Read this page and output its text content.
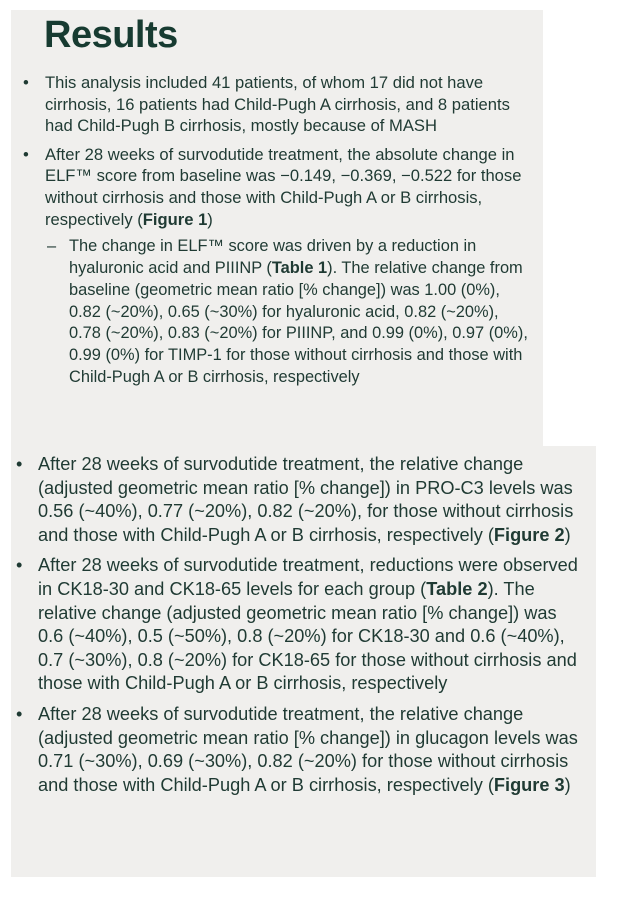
Results
• This analysis included 41 patients, of whom 17 did not have cirrhosis, 16 patients had Child-Pugh A cirrhosis, and 8 patients had Child-Pugh B cirrhosis, mostly because of MASH
• After 28 weeks of survodutide treatment, the absolute change in ELF™ score from baseline was −0.149, −0.369, −0.522 for those without cirrhosis and those with Child-Pugh A or B cirrhosis, respectively (Figure 1)
– The change in ELF™ score was driven by a reduction in hyaluronic acid and PIIINP (Table 1). The relative change from baseline (geometric mean ratio [% change]) was 1.00 (0%), 0.82 (~20%), 0.65 (~30%) for hyaluronic acid, 0.82 (~20%), 0.78 (~20%), 0.83 (~20%) for PIIINP, and 0.99 (0%), 0.97 (0%), 0.99 (0%) for TIMP-1 for those without cirrhosis and those with Child-Pugh A or B cirrhosis, respectively
• After 28 weeks of survodutide treatment, the relative change (adjusted geometric mean ratio [% change]) in PRO-C3 levels was 0.56 (~40%), 0.77 (~20%), 0.82 (~20%), for those without cirrhosis and those with Child-Pugh A or B cirrhosis, respectively (Figure 2)
• After 28 weeks of survodutide treatment, reductions were observed in CK18-30 and CK18-65 levels for each group (Table 2). The relative change (adjusted geometric mean ratio [% change]) was 0.6 (~40%), 0.5 (~50%), 0.8 (~20%) for CK18-30 and 0.6 (~40%), 0.7 (~30%), 0.8 (~20%) for CK18-65 for those without cirrhosis and those with Child-Pugh A or B cirrhosis, respectively
• After 28 weeks of survodutide treatment, the relative change (adjusted geometric mean ratio [% change]) in glucagon levels was 0.71 (~30%), 0.69 (~30%), 0.82 (~20%) for those without cirrhosis and those with Child-Pugh A or B cirrhosis, respectively (Figure 3)
